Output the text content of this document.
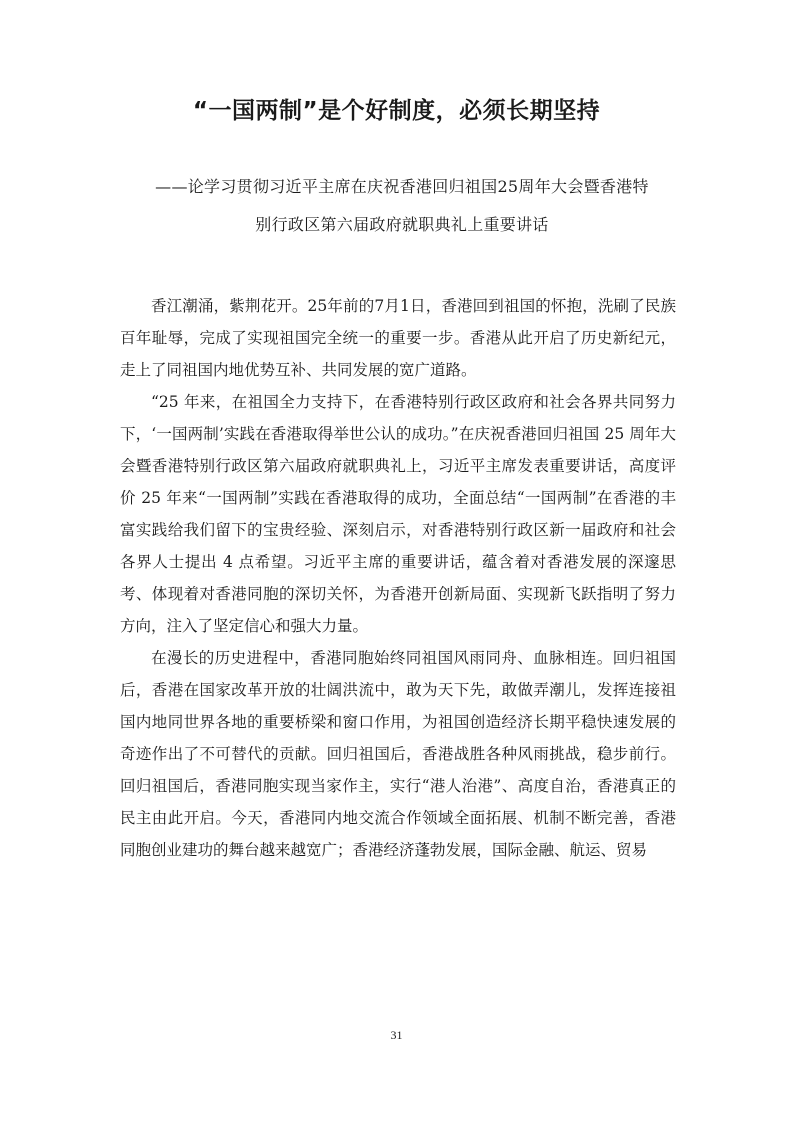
“一国两制”是个好制度，必须长期坚持
——论学习贯彻习近平主席在庆祝香港回归祖国25周年大会暨香港特
别行政区第六届政府就职典礼上重要讲话

香江潮涌，紫荆花开。25年前的7月1日，香港回到祖国的怀抱，洗刷了民族百年耻辱，完成了实现祖国完全统一的重要一步。香港从此开启了历史新纪元，走上了同祖国内地优势互补、共同发展的宽广道路。

“25 年来，在祖国全力支持下，在香港特别行政区政府和社会各界共同努力下，‘一国两制’实践在香港取得举世公认的成功。”在庆祝香港回归祖国 25 周年大会暨香港特别行政区第六届政府就职典礼上，习近平主席发表重要讲话，高度评价 25 年来“一国两制”实践在香港取得的成功，全面总结“一国两制”在香港的丰富实践给我们留下的宝贵经验、深刻启示，对香港特别行政区新一届政府和社会各界人士提出 4 点希望。习近平主席的重要讲话，蕴含着对香港发展的深邃思考、体现着对香港同胞的深切关怀，为香港开创新局面、实现新飞跃指明了努力方向，注入了坚定信心和强大力量。

在漫长的历史进程中，香港同胞始终同祖国风雨同舟、血脉相连。回归祖国后，香港在国家改革开放的壮阔洪流中，敢为天下先，敢做弄潮儿，发挥连接祖国内地同世界各地的重要桥梁和窗口作用，为祖国创造经济长期平稳快速发展的奇迹作出了不可替代的贡献。回归祖国后，香港战胜各种风雨挑战，稳步前行。回归祖国后，香港同胞实现当家作主，实行“港人治港”、高度自治，香港真正的民主由此开启。今天，香港同内地交流合作领域全面拓展、机制不断完善，香港同胞创业建功的舞台越来越宽广；香港经济蓬勃发展，国际金融、航运、贸易

31
